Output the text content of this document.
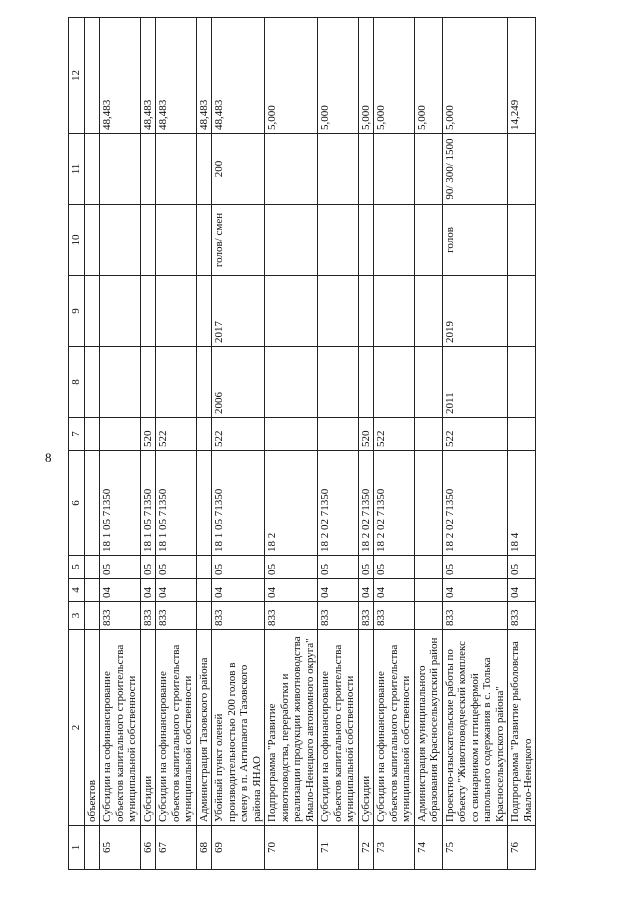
8
1	2	3	4	5	6	7	8	9	10	11	12
	объектов										
65	Субсидии на софинансирование объектов капитального строительства муниципальной собственности	833	04	05	18 1 05 71350						48,483
66	Субсидии	833	04	05	18 1 05 71350	520					48,483
67	Субсидии на софинансирование объектов капитального строительства муниципальной собственности	833	04	05	18 1 05 71350	522					48,483
68	Администрация Тазовского района										48,483
69	Убойный пункт оленей производительностью 200 голов в смену в п. Антипаюта Тазовского района ЯНАО	833	04	05	18 1 05 71350	522	2006	2017	голов/ смен	200	48,483
70	Подпрограмма "Развитие животноводства, переработки и реализации продукции животноводства Ямало-Ненецкого автономного округа"	833	04	05	18 2						5,000
71	Субсидии на софинансирование объектов капитального строительства муниципальной собственности	833	04	05	18 2 02 71350						5,000
72	Субсидии	833	04	05	18 2 02 71350	520					5,000
73	Субсидии на софинансирование объектов капитального строительства муниципальной собственности	833	04	05	18 2 02 71350	522					5,000
74	Администрация муниципального образования Красноселькупский район										5,000
75	Проектно-изыскательские работы по объекту "Животноводческий комплекс со свинарником и птицефермой напольного содержания в с. Толька Красноселькупского района"	833	04	05	18 2 02 71350	522	2011	2019	голов	90/ 300/ 1500	5,000
76	Подпрограмма "Развитие рыболовства Ямало-Ненецкого	833	04	05	18 4						14,249
